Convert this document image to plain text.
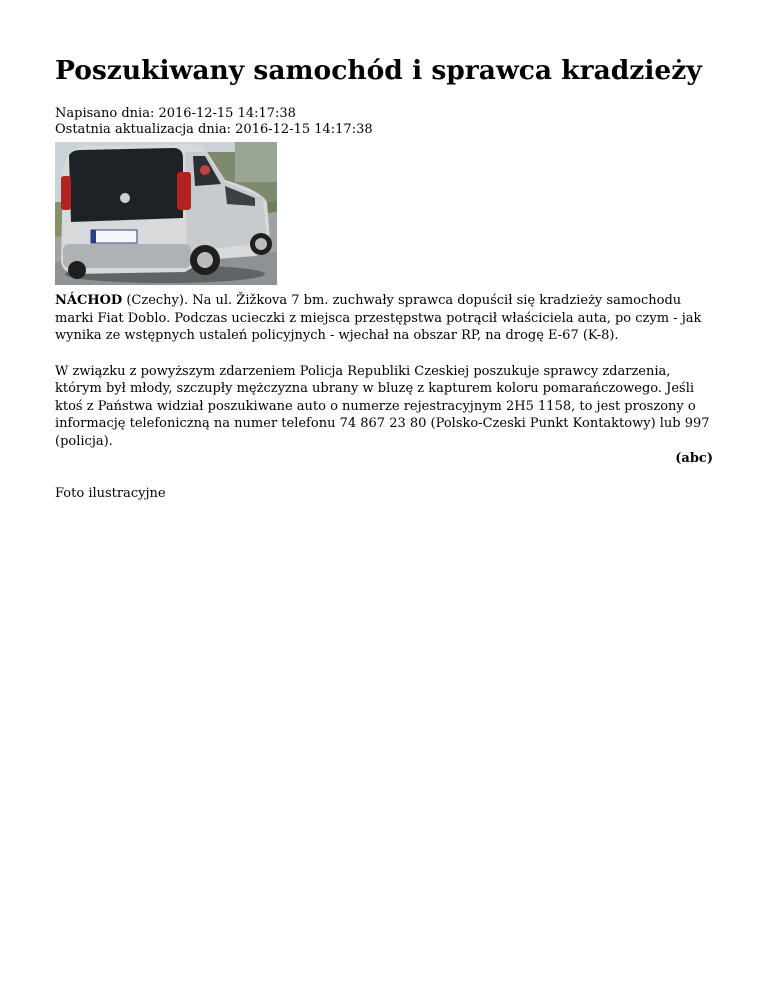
Poszukiwany samochód i sprawca kradzieży
Napisano dnia: 2016-12-15 14:17:38
Ostatnia aktualizacja dnia: 2016-12-15 14:17:38

NÁCHOD (Czechy). Na ul. Žižkova 7 bm. zuchwały sprawca dopuścił się kradzieży samochodu marki Fiat Doblo. Podczas ucieczki z miejsca przestępstwa potrącił właściciela auta, po czym - jak wynika ze wstępnych ustaleń policyjnych - wjechał na obszar RP, na drogę E-67 (K-8).

W związku z powyższym zdarzeniem Policja Republiki Czeskiej poszukuje sprawcy zdarzenia, którym był młody, szczupły mężczyzna ubrany w bluzę z kapturem koloru pomarańczowego. Jeśli ktoś z Państwa widział poszukiwane auto o numerze rejestracyjnym 2H5 1158, to jest proszony o informację telefoniczną na numer telefonu 74 867 23 80 (Polsko-Czeski Punkt Kontaktowy) lub 997 (policja).

(abc)

Foto ilustracyjne
